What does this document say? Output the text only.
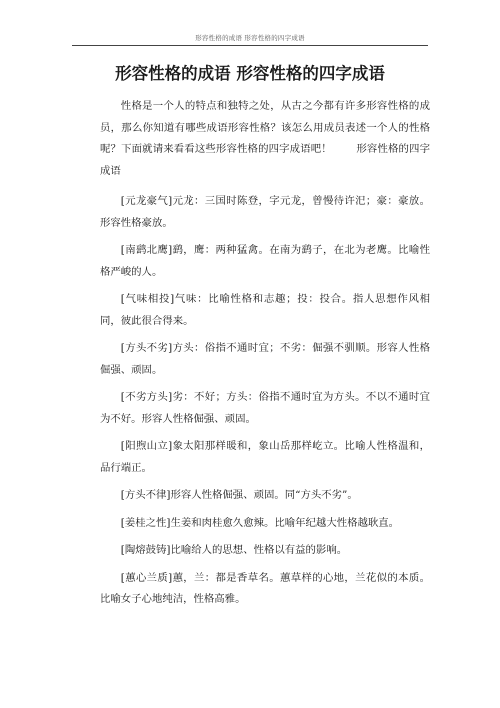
形容性格的成语 形容性格的四字成语
形容性格的成语 形容性格的四字成语

性格是一个人的特点和独特之处，从古之今都有许多形容性格的成员，那么你知道有哪些成语形容性格？该怎么用成员表述一个人的性格呢？下面就请来看看这些形容性格的四字成语吧！ 　　形容性格的四字成语

[元龙豪气]元龙：三国时陈登，字元龙，曾慢待许汜；豪：豪放。形容性格豪放。

[南鹞北鹰]鹞，鹰：两种猛禽。在南为鹞子，在北为老鹰。比喻性格严峻的人。

[气味相投]气味：比喻性格和志趣；投：投合。指人思想作风相同，彼此很合得来。

[方头不劣]方头：俗指不通时宜；不劣：倔强不驯顺。形容人性格倔强、顽固。

[不劣方头]劣：不好；方头：俗指不通时宜为方头。不以不通时宜为不好。形容人性格倔强、顽固。

[阳煦山立]象太阳那样暖和，象山岳那样屹立。比喻人性格温和，品行端正。

[方头不律]形容人性格倔强、顽固。同“方头不劣”。

[姜桂之性]生姜和肉桂愈久愈辣。比喻年纪越大性格越耿直。

[陶熔鼓铸]比喻给人的思想、性格以有益的影响。

[蕙心兰质]蕙，兰：都是香草名。蕙草样的心地，兰花似的本质。比喻女子心地纯洁，性格高雅。
